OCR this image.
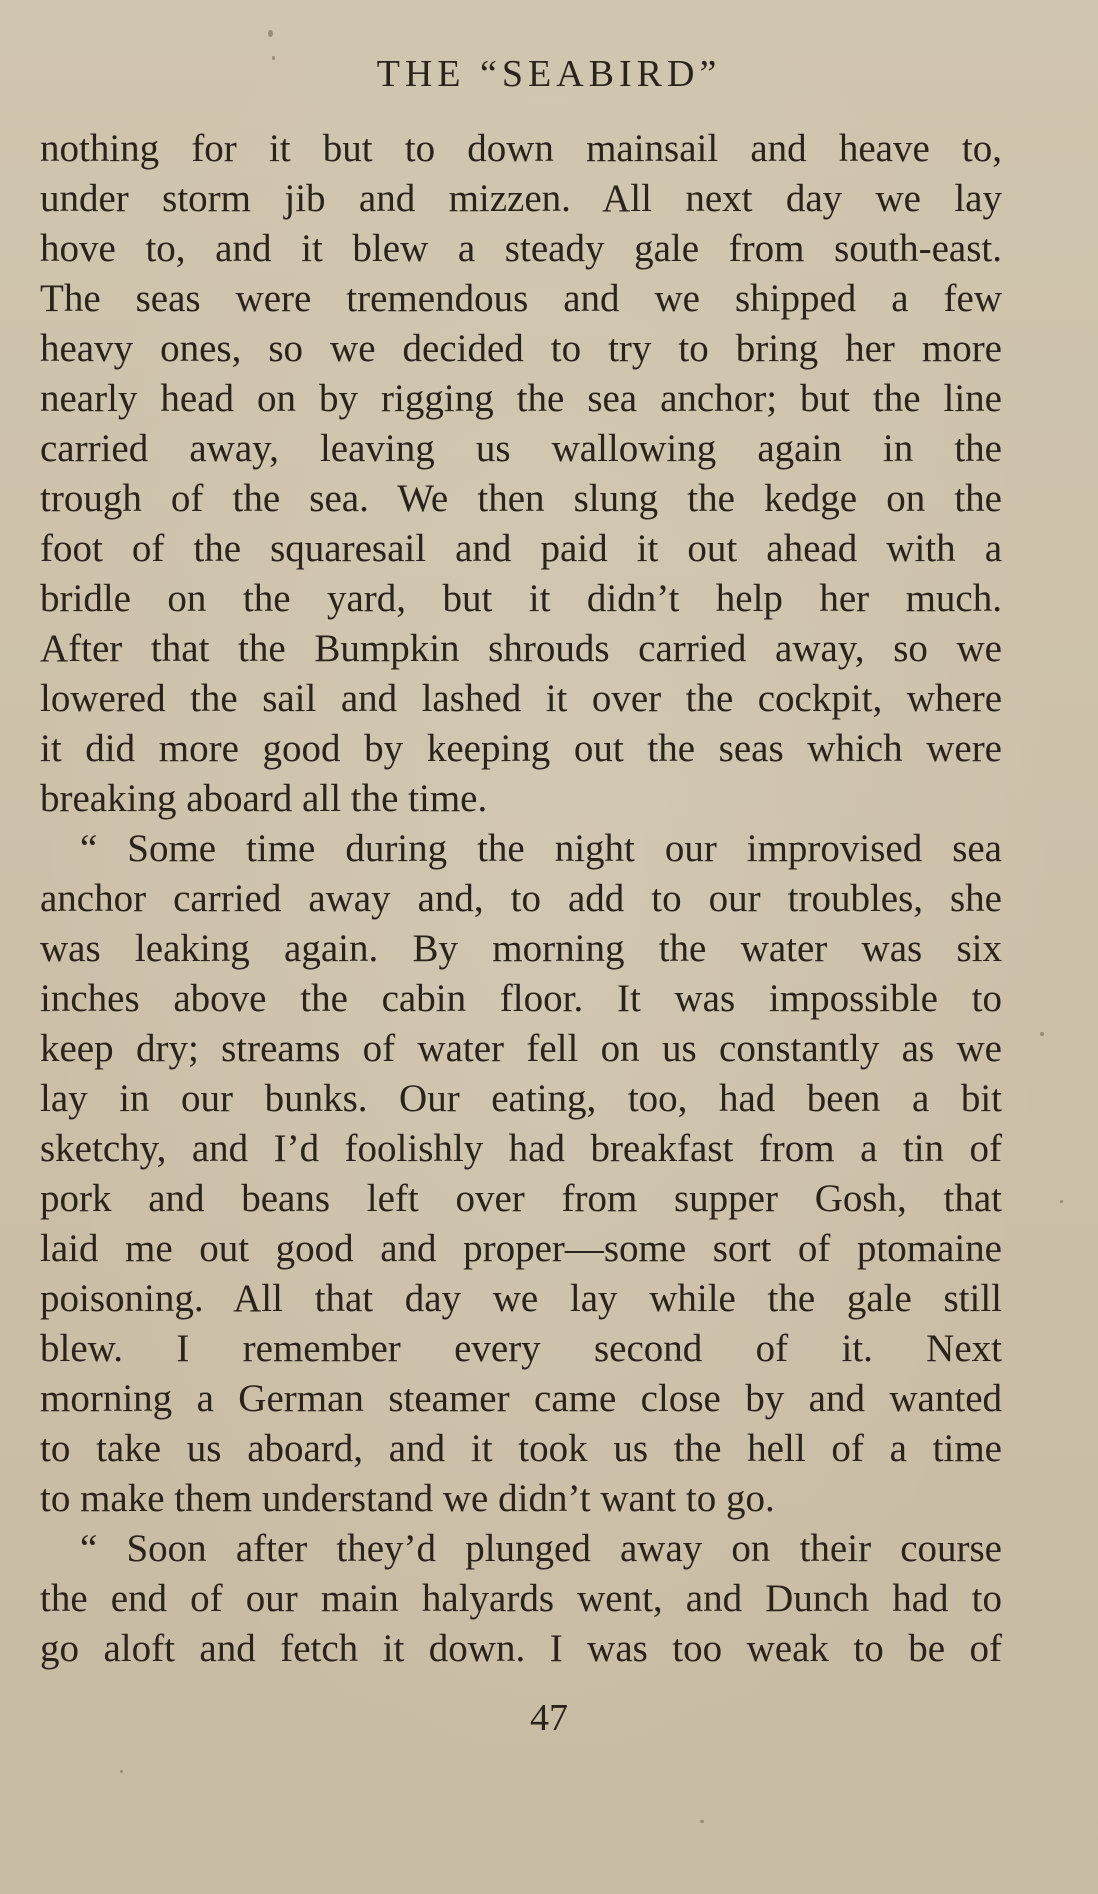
THE “SEABIRD”
nothing for it but to down mainsail and heave to,
under storm jib and mizzen. All next day we lay
hove to, and it blew a steady gale from south-east.
The seas were tremendous and we shipped a few
heavy ones, so we decided to try to bring her more
nearly head on by rigging the sea anchor; but the line
carried away, leaving us wallowing again in the
trough of the sea. We then slung the kedge on the
foot of the squaresail and paid it out ahead with a
bridle on the yard, but it didn’t help her much.
After that the Bumpkin shrouds carried away, so we
lowered the sail and lashed it over the cockpit, where
it did more good by keeping out the seas which were
breaking aboard all the time.
“ Some time during the night our improvised sea
anchor carried away and, to add to our troubles, she
was leaking again. By morning the water was six
inches above the cabin floor. It was impossible to
keep dry; streams of water fell on us constantly as we
lay in our bunks. Our eating, too, had been a bit
sketchy, and I’d foolishly had breakfast from a tin of
pork and beans left over from supper Gosh, that
laid me out good and proper—some sort of ptomaine
poisoning. All that day we lay while the gale still
blew. I remember every second of it. Next
morning a German steamer came close by and wanted
to take us aboard, and it took us the hell of a time
to make them understand we didn’t want to go.
“ Soon after they’d plunged away on their course
the end of our main halyards went, and Dunch had to
go aloft and fetch it down. I was too weak to be of
47
